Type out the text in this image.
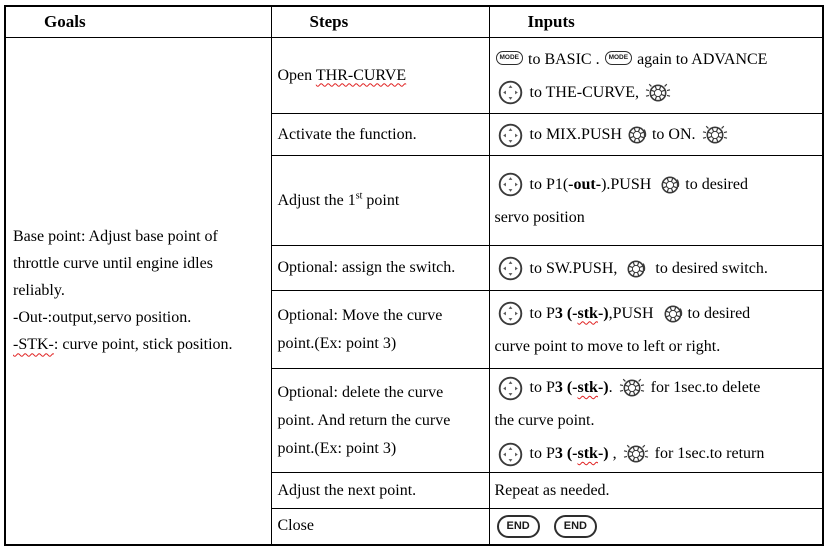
Goals	Steps	Inputs
Base point: Adjust base point of throttle curve until engine idles reliably.
-Out-:output,servo position.
-STK-: curve point, stick position.	Open THR-CURVE	MODE to BASIC . MODE again to ADVANCE
to THE-CURVE,
	Activate the function.	to MIX.PUSH to ON.
	Adjust the 1st point	to P1(-out-).PUSH to desired
servo position
	Optional: assign the switch.	to SW.PUSH,  to desired switch.
	Optional: Move the curve point.(Ex: point 3)	to P3 (-stk-),PUSH to desired
curve point to move to left or right.
	Optional: delete the curve point. And return the curve point.(Ex: point 3)	to P3 (-stk-).  for 1sec.to delete
the curve point.
to P3 (-stk-) ,  for 1sec.to return
	Adjust the next point.	Repeat as needed.
	Close	END END
